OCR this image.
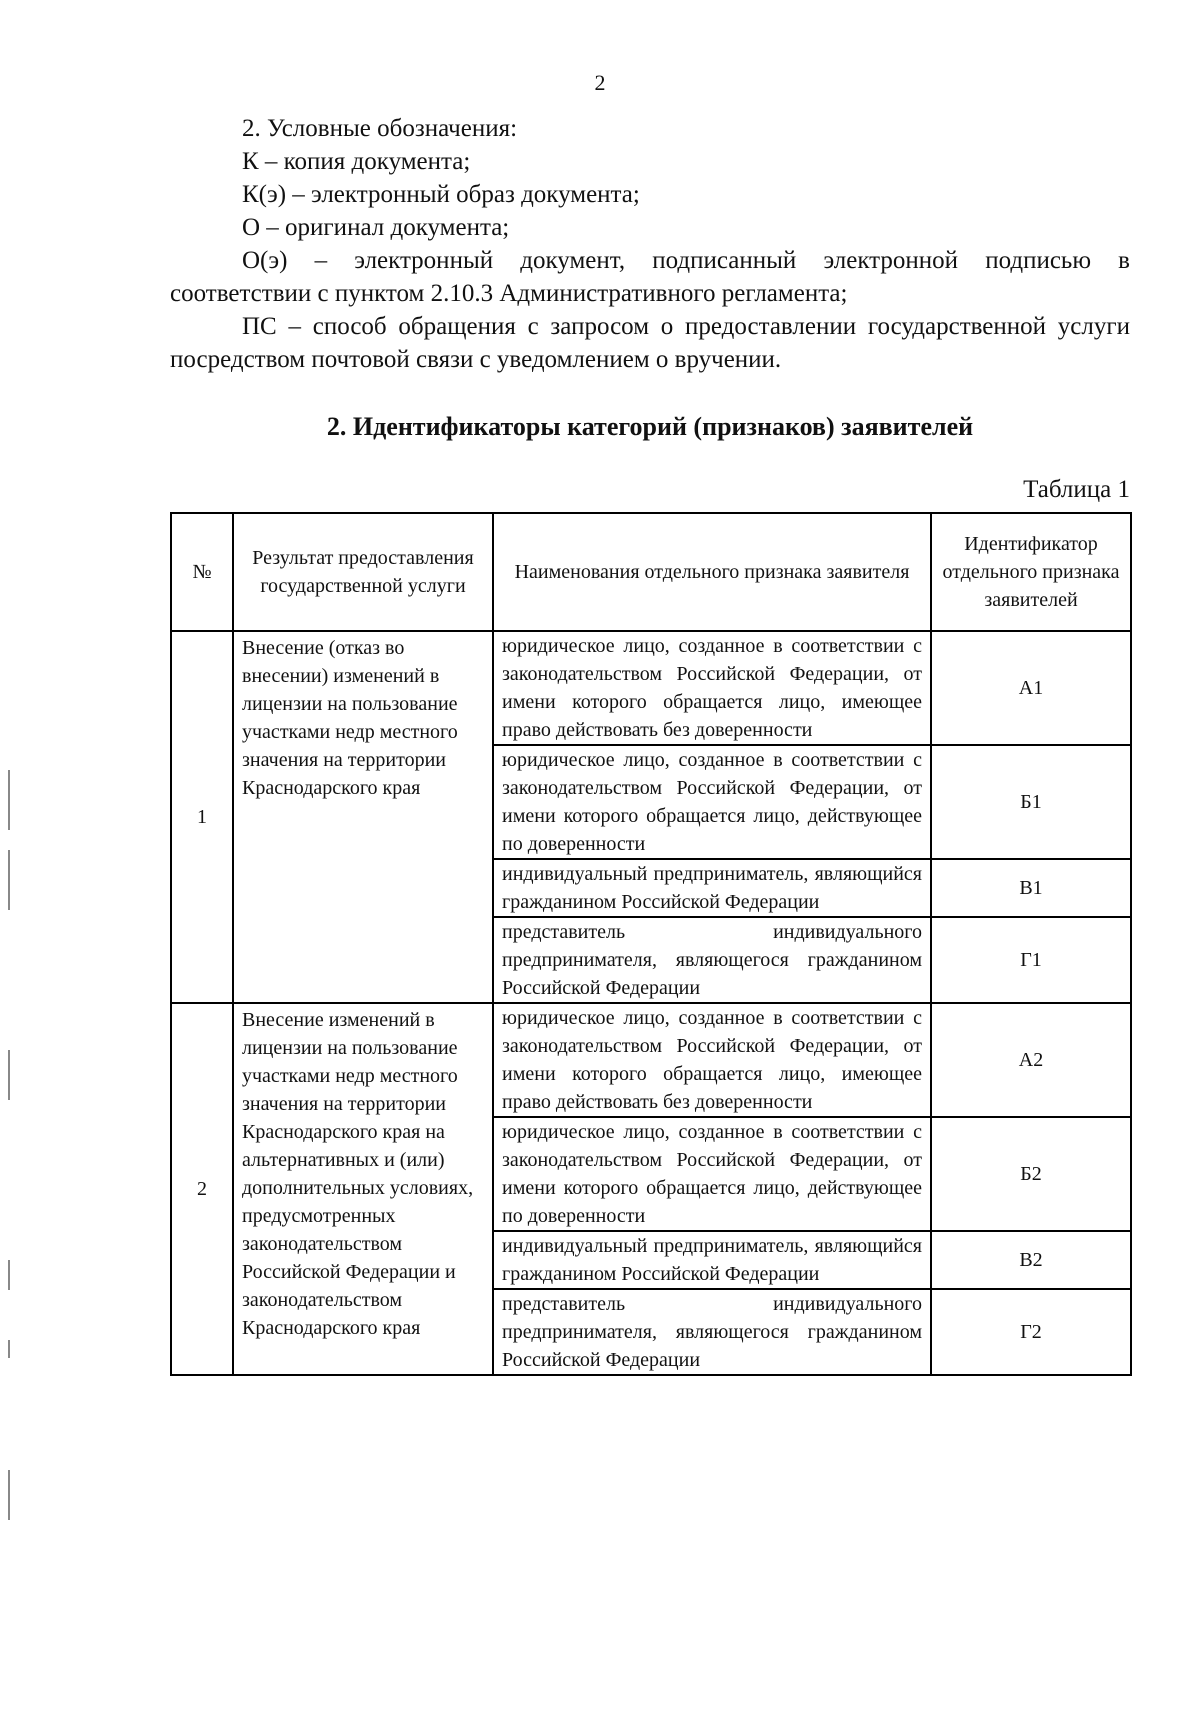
2

2. Условные обозначения:

К – копия документа;

К(э) – электронный образ документа;

О – оригинал документа;

О(э) – электронный документ, подписанный электронной подписью в соответствии с пунктом 2.10.3 Административного регламента;

ПС – способ обращения с запросом о предоставлении государственной услуги посредством почтовой связи с уведомлением о вручении.

2. Идентификаторы категорий (признаков) заявителей
Таблица 1
№	Результат предоставления государственной услуги	Наименования отдельного признака заявителя	Идентификатор отдельного признака заявителей
1	Внесение (отказ во внесении) изменений в лицензии на пользование участками недр местного значения на территории Краснодарского края	юридическое лицо, созданное в соответствии с законодательством Российской Федерации, от имени которого обращается лицо, имеющее право действовать без доверенности	А1
		юридическое лицо, созданное в соответствии с законодательством Российской Федерации, от имени которого обращается лицо, действующее по доверенности	Б1
		индивидуальный предприниматель, являющийся гражданином Российской Федерации	В1
		представитель индивидуального предпринимателя, являющегося гражданином Российской Федерации	Г1
2	Внесение изменений в лицензии на пользование участками недр местного значения на территории Краснодарского края на альтернативных и (или) дополнительных условиях, предусмотренных законодательством Российской Федерации и законодательством Краснодарского края	юридическое лицо, созданное в соответствии с законодательством Российской Федерации, от имени которого обращается лицо, имеющее право действовать без доверенности	А2
		юридическое лицо, созданное в соответствии с законодательством Российской Федерации, от имени которого обращается лицо, действующее по доверенности	Б2
		индивидуальный предприниматель, являющийся гражданином Российской Федерации	В2
		представитель индивидуального предпринимателя, являющегося гражданином Российской Федерации	Г2
